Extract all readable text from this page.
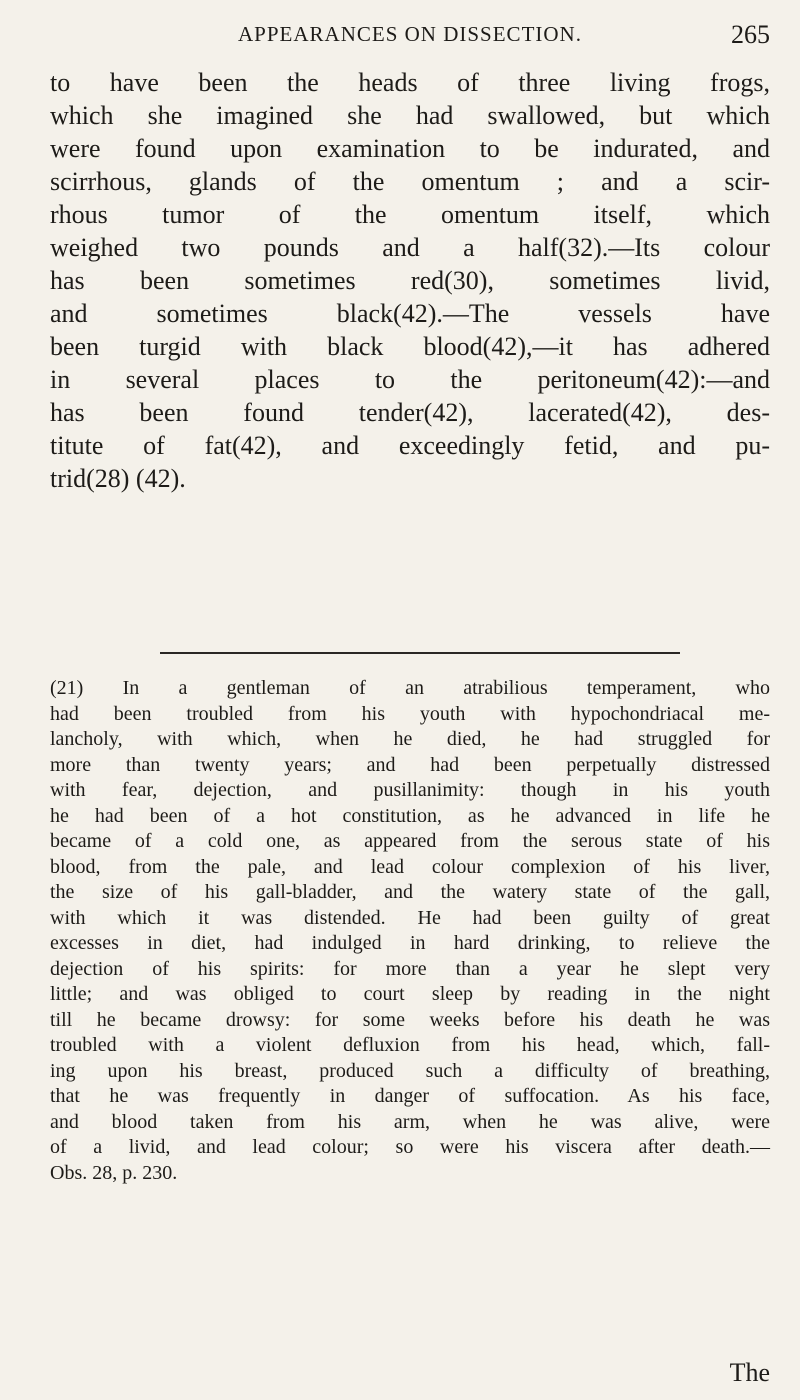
APPEARANCES ON DISSECTION.	265
to have been the heads of three living frogs,
which she imagined she had swallowed, but which
were found upon examination to be indurated, and
scirrhous, glands of the omentum ; and a scir-
rhous tumor of the omentum itself, which
weighed two pounds and a half(32).—Its colour
has been sometimes red(30), sometimes livid,
and sometimes black(42).—The vessels have
been turgid with black blood(42),—it has adhered
in several places to the peritoneum(42):—and
has been found tender(42), lacerated(42), des-
titute of fat(42), and exceedingly fetid, and pu-
trid(28) (42).
(21) In a gentleman of an atrabilious temperament, who
had been troubled from his youth with hypochondriacal me-
lancholy, with which, when he died, he had struggled for
more than twenty years; and had been perpetually distressed
with fear, dejection, and pusillanimity: though in his youth
he had been of a hot constitution, as he advanced in life he
became of a cold one, as appeared from the serous state of his
blood, from the pale, and lead colour complexion of his liver,
the size of his gall-bladder, and the watery state of the gall,
with which it was distended. He had been guilty of great
excesses in diet, had indulged in hard drinking, to relieve the
dejection of his spirits: for more than a year he slept very
little; and was obliged to court sleep by reading in the night
till he became drowsy: for some weeks before his death he was
troubled with a violent defluxion from his head, which, fall-
ing upon his breast, produced such a difficulty of breathing,
that he was frequently in danger of suffocation. As his face,
and blood taken from his arm, when he was alive, were
of a livid, and lead colour; so were his viscera after death.—
Obs. 28, p. 230.
The
